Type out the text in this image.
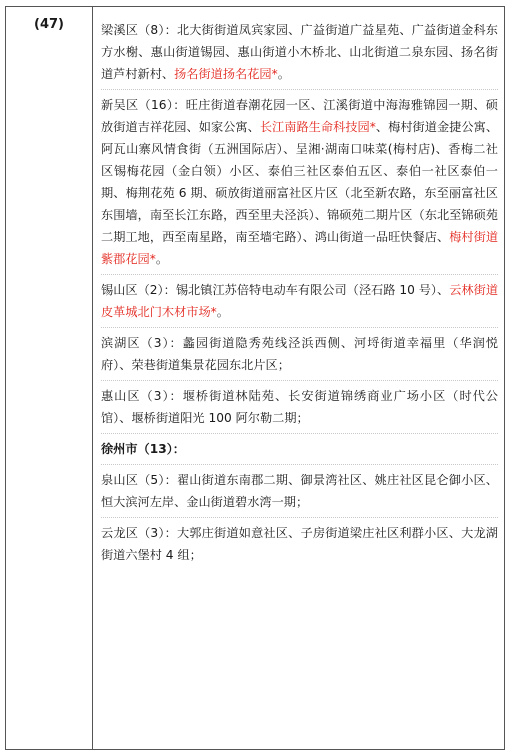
(47)	梁溪区（8）：北大街街道凤宾家园、广益街道广益星苑、广益街道金科东方水榭、惠山街道锡园、惠山街道小木桥北、山北街道二泉东园、扬名街道芦村新村、扬名街道扬名花园*。

新吴区（16）：旺庄街道春潮花园一区、江溪街道中海海雅锦园一期、硕放街道吉祥花园、如家公寓、长江南路生命科技园*、梅村街道金捷公寓、阿瓦山寨风情食街（五洲国际店）、呈湘·湖南口味菜(梅村店)、香梅二社区锡梅花园（金白领）小区、泰伯三社区泰伯五区、泰伯一社区泰伯一期、梅荆花苑 6 期、硕放街道丽富社区片区（北至新农路，东至丽富社区东围墙，南至长江东路，西至里夫泾浜）、锦硕苑二期片区（东北至锦硕苑二期工地，西至南星路，南至墙宅路）、鸿山街道一品旺快餐店、梅村街道紫郡花园*。

锡山区（2）：锡北镇江苏倍特电动车有限公司（泾石路 10 号）、云林街道皮革城北门木材市场*。

滨湖区（3）：蠡园街道隐秀苑线泾浜西侧、河埒街道幸福里（华润悦府）、荣巷街道集景花园东北片区；

惠山区（3）：堰桥街道林陆苑、长安街道锦绣商业广场小区（时代公馆）、堰桥街道阳光 100 阿尔勒二期；

徐州市（13）：

泉山区（5）：翟山街道东南郡二期、御景湾社区、姚庄社区昆仑御小区、恒大滨河左岸、金山街道碧水湾一期；

云龙区（3）：大郭庄街道如意社区、子房街道梁庄社区利群小区、大龙湖街道六堡村 4 组；
